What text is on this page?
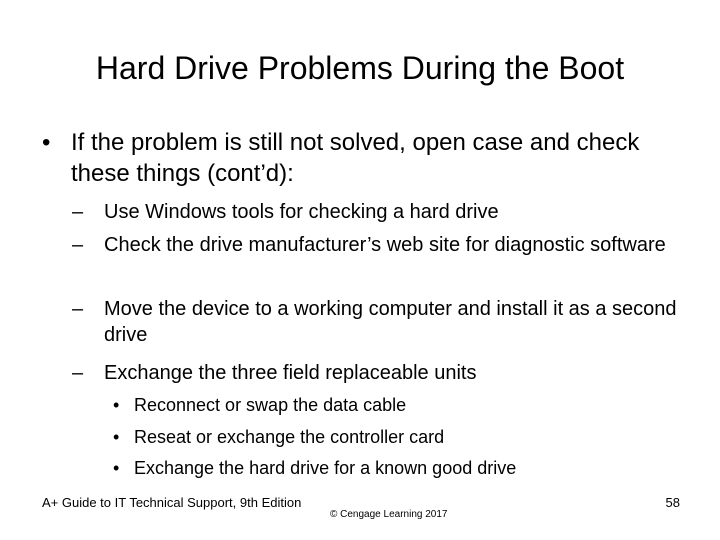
Hard Drive Problems During the Boot
• If the problem is still not solved, open case and check these things (cont’d):
– Use Windows tools for checking a hard drive
– Check the drive manufacturer’s web site for diagnostic software
– Move the device to a working computer and install it as a second drive
– Exchange the three field replaceable units
• Reconnect or swap the data cable
• Reseat or exchange the controller card
• Exchange the hard drive for a known good drive
A+ Guide to IT Technical Support, 9th Edition
© Cengage Learning 2017
58
